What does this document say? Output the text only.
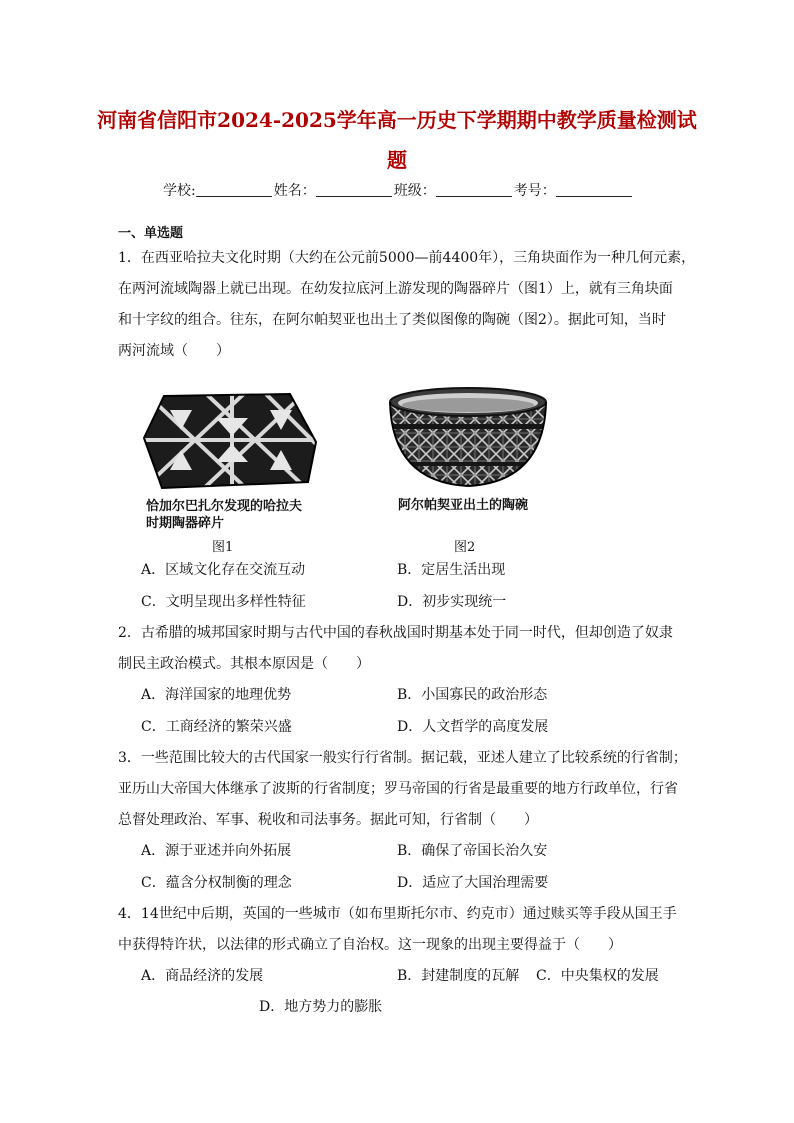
河南省信阳市2024-2025学年高一历史下学期期中教学质量检测试
题
学校:	姓名：	班级：	考号：
一、单选题
1．在西亚哈拉夫文化时期（大约在公元前5000—前4400年），三角块面作为一种几何元素，
在两河流域陶器上就已出现。在幼发拉底河上游发现的陶器碎片（图1）上，就有三角块面
和十字纹的组合。往东，在阿尔帕契亚也出土了类似图像的陶碗（图2）。据此可知，当时
两河流域（　　）
恰加尔巴扎尔发现的哈拉夫
时期陶器碎片
图1
阿尔帕契亚出土的陶碗
图2
A．区域文化存在交流互动	B．定居生活出现
C．文明呈现出多样性特征	D．初步实现统一
2．古希腊的城邦国家时期与古代中国的春秋战国时期基本处于同一时代，但却创造了奴隶
制民主政治模式。其根本原因是（　　）
A．海洋国家的地理优势	B．小国寡民的政治形态
C．工商经济的繁荣兴盛	D．人文哲学的高度发展
3．一些范围比较大的古代国家一般实行行省制。据记载，亚述人建立了比较系统的行省制；
亚历山大帝国大体继承了波斯的行省制度；罗马帝国的行省是最重要的地方行政单位，行省
总督处理政治、军事、税收和司法事务。据此可知，行省制（　　）
A．源于亚述并向外拓展	B．确保了帝国长治久安
C．蕴含分权制衡的理念	D．适应了大国治理需要
4．14世纪中后期，英国的一些城市（如布里斯托尔市、约克市）通过赎买等手段从国王手
中获得特许状，以法律的形式确立了自治权。这一现象的出现主要得益于（　　）
A．商品经济的发展	B．封建制度的瓦解 C．中央集权的发展
D．地方势力的膨胀
